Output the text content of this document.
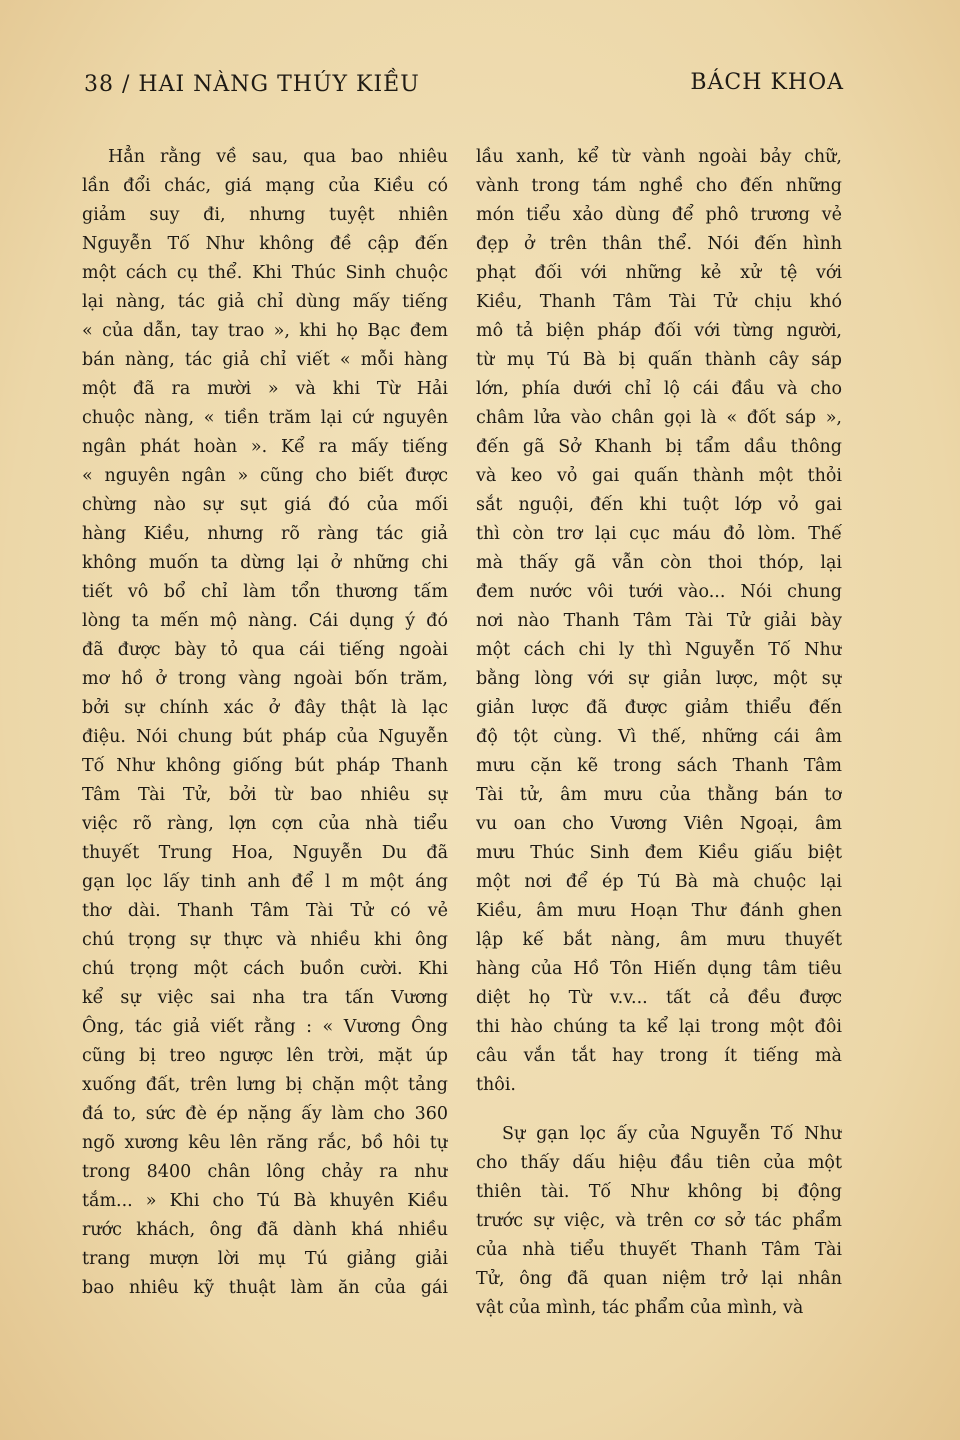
38 / HAI NÀNG THÚY KIỀU	BÁCH KHOA
Hẳn rằng về sau, qua bao nhiêu
lần đổi chác, giá mạng của Kiều có
giảm suy đi, nhưng tuyệt nhiên
Nguyễn Tố Như không đề cập đến
một cách cụ thể. Khi Thúc Sinh chuộc
lại nàng, tác giả chỉ dùng mấy tiếng
« của dẫn, tay trao », khi họ Bạc đem
bán nàng, tác giả chỉ viết « mỗi hàng
một đã ra mười » và khi Từ Hải
chuộc nàng, « tiền trăm lại cứ nguyên
ngân phát hoàn ». Kể ra mấy tiếng
« nguyên ngân » cũng cho biết được
chừng nào sự sụt giá đó của mối
hàng Kiều, nhưng rõ ràng tác giả
không muốn ta dừng lại ở những chi
tiết vô bổ chỉ làm tổn thương tấm
lòng ta mến mộ nàng. Cái dụng ý đó
đã được bày tỏ qua cái tiếng ngoài
mơ hồ ở trong vàng ngoài bốn trăm,
bởi sự chính xác ở đây thật là lạc
điệu. Nói chung bút pháp của Nguyễn
Tố Như không giống bút pháp Thanh
Tâm Tài Tử, bởi từ bao nhiêu sự
việc rõ ràng, lợn cợn của nhà tiểu
thuyết Trung Hoa, Nguyễn Du đã
gạn lọc lấy tinh anh để l m một áng
thơ dài. Thanh Tâm Tài Tử có vẻ
chú trọng sự thực và nhiều khi ông
chú trọng một cách buồn cười. Khi
kể sự việc sai nha tra tấn Vương
Ông, tác giả viết rằng : « Vương Ông
cũng bị treo ngược lên trời, mặt úp
xuống đất, trên lưng bị chặn một tảng
đá to, sức đè ép nặng ấy làm cho 360
ngõ xương kêu lên răng rắc, bồ hôi tự
trong 8400 chân lông chảy ra như
tắm... » Khi cho Tú Bà khuyên Kiều
rước khách, ông đã dành khá nhiều
trang mượn lời mụ Tú giảng giải
bao nhiêu kỹ thuật làm ăn của gái
lầu xanh, kể từ vành ngoài bảy chữ,
vành trong tám nghề cho đến những
món tiểu xảo dùng để phô trương vẻ
đẹp ở trên thân thể. Nói đến hình
phạt đối với những kẻ xử tệ với
Kiều, Thanh Tâm Tài Tử chịu khó
mô tả biện pháp đối với từng người,
từ mụ Tú Bà bị quấn thành cây sáp
lớn, phía dưới chỉ lộ cái đầu và cho
châm lửa vào chân gọi là « đốt sáp »,
đến gã Sở Khanh bị tẩm dầu thông
và keo vỏ gai quấn thành một thỏi
sắt nguội, đến khi tuột lớp vỏ gai
thì còn trơ lại cục máu đỏ lòm. Thế
mà thấy gã vẫn còn thoi thóp, lại
đem nước vôi tưới vào... Nói chung
nơi nào Thanh Tâm Tài Tử giải bày
một cách chi ly thì Nguyễn Tố Như
bằng lòng với sự giản lược, một sự
giản lược đã được giảm thiểu đến
độ tột cùng. Vì thế, những cái âm
mưu cặn kẽ trong sách Thanh Tâm
Tài tử, âm mưu của thằng bán tơ
vu oan cho Vương Viên Ngoại, âm
mưu Thúc Sinh đem Kiều giấu biệt
một nơi để ép Tú Bà mà chuộc lại
Kiều, âm mưu Hoạn Thư đánh ghen
lập kế bắt nàng, âm mưu thuyết
hàng của Hồ Tôn Hiến dụng tâm tiêu
diệt họ Từ v.v... tất cả đều được
thi hào chúng ta kể lại trong một đôi
câu vắn tắt hay trong ít tiếng mà
thôi.
Sự gạn lọc ấy của Nguyễn Tố Như
cho thấy dấu hiệu đầu tiên của một
thiên tài. Tố Như không bị động
trước sự việc, và trên cơ sở tác phẩm
của nhà tiểu thuyết Thanh Tâm Tài
Tử, ông đã quan niệm trở lại nhân
vật của mình, tác phẩm của mình, và
